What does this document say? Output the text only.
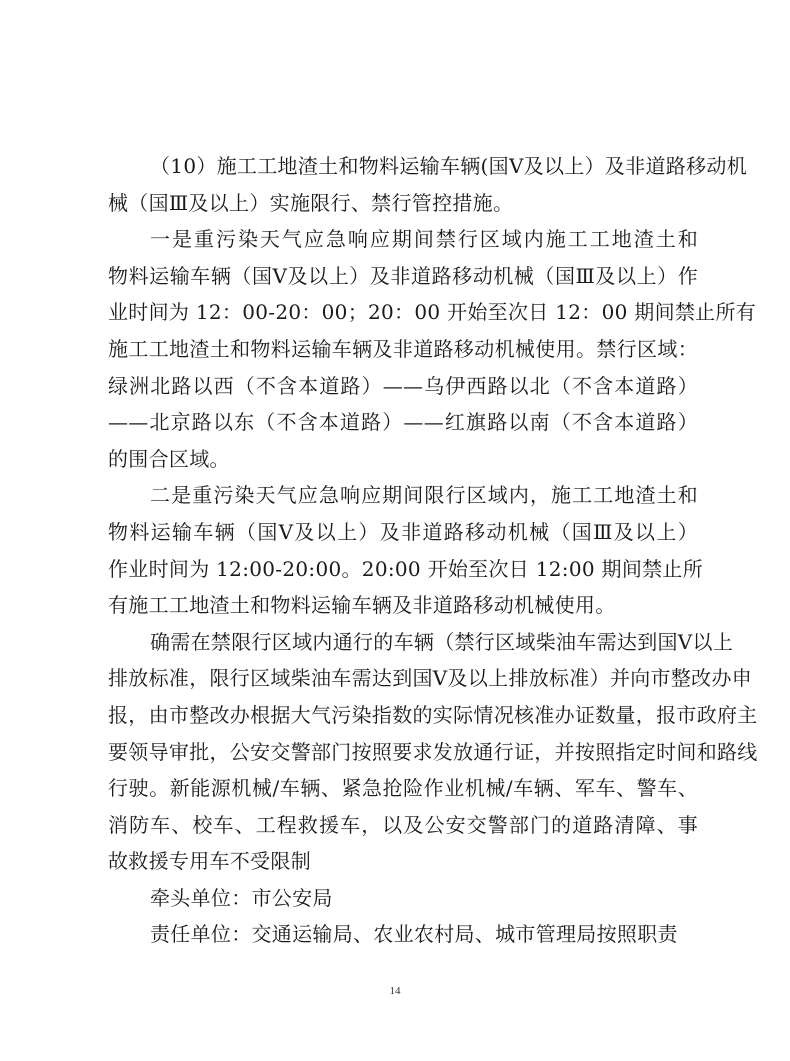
（10）施工工地渣土和物料运输车辆(国Ⅴ及以上）及非道路移动机
械（国Ⅲ及以上）实施限行、禁行管控措施。
一是重污染天气应急响应期间禁行区域内施工工地渣土和
物料运输车辆（国Ⅴ及以上）及非道路移动机械（国Ⅲ及以上）作
业时间为 12：00-20：00；20：00 开始至次日 12：00 期间禁止所有
施工工地渣土和物料运输车辆及非道路移动机械使用。禁行区域：
绿洲北路以西（不含本道路）——乌伊西路以北（不含本道路）
——北京路以东（不含本道路）——红旗路以南（不含本道路）
的围合区域。
二是重污染天气应急响应期间限行区域内，施工工地渣土和
物料运输车辆（国Ⅴ及以上）及非道路移动机械（国Ⅲ及以上）
作业时间为 12:00-20:00。20:00 开始至次日 12:00 期间禁止所
有施工工地渣土和物料运输车辆及非道路移动机械使用。
确需在禁限行区域内通行的车辆（禁行区域柴油车需达到国Ⅴ以上
排放标准，限行区域柴油车需达到国Ⅴ及以上排放标准）并向市整改办申
报，由市整改办根据大气污染指数的实际情况核准办证数量，报市政府主
要领导审批，公安交警部门按照要求发放通行证，并按照指定时间和路线
行驶。新能源机械/车辆、紧急抢险作业机械/车辆、军车、警车、
消防车、校车、工程救援车，以及公安交警部门的道路清障、事
故救援专用车不受限制
牵头单位：市公安局
责任单位：交通运输局、农业农村局、城市管理局按照职责
14
